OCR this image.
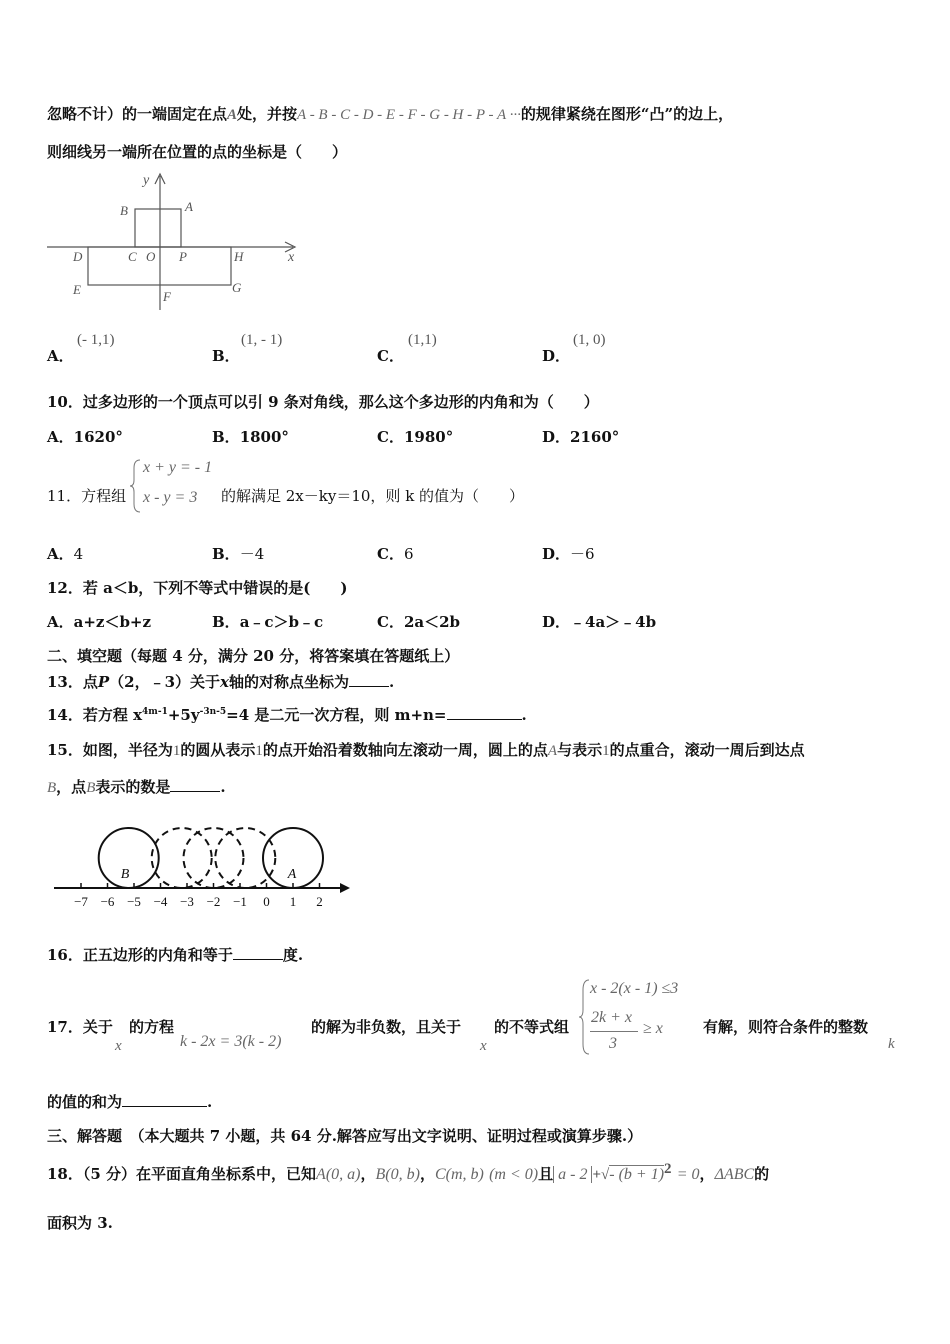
忽略不计）的一端固定在点A处，并按A - B - C - D - E - F - G - H - P - A ···的规律紧绕在图形“凸”的边上，
则细线另一端所在位置的点的坐标是（　　）
y
x
B	A
C O P
D	H
E	F
G
A．
(- 1,1)
B．
(1, - 1)
C．
(1,1)
D．
(1, 0)
10．过多边形的一个顶点可以引 9 条对角线，那么这个多边形的内角和为（　　）
A．1620°	B．1800°	C．1980°	D．2160°
11．方程组
x + y = - 1
x - y = 3 的解满足 2x－ky＝10，则 k 的值为（　　）
A．4	B．－4	C．6	D．－6
12．若 a＜b，下列不等式中错误的是(　　)
A．a+z＜b+z	B．a﹣c＞b﹣c	C．2a＜2b	D．﹣4a＞﹣4b
二、填空题（每题 4 分，满分 20 分，将答案填在答题纸上）
13．点P（2，﹣3）关于x轴的对称点坐标为	.
14．若方程 $x^{4m-1}+5y^{-3n-5}=4$ 是二元一次方程，则 m+n=	.
15．如图，半径为1的圆从表示1的点开始沿着数轴向左滚动一周，圆上的点A与表示1的点重合，滚动一周后到达点
B，点B表示的数是	.
−7 −6 −5 −4 −3 −2 −1 0 1 2
B	A
16．正五边形的内角和等于	度.
17．关于
x
的方程
k - 2x = 3(k - 2)
的解为非负数，且关于
x
的不等式组
x - 2(x - 1) ≤3
2k + x
3
≥ x	有解，则符合条件的整数
k
的值的和为	.
三、解答题　（本大题共 7 小题，共 64 分.解答应写出文字说明、证明过程或演算步骤.）
18．（5 分）在平面直角坐标系中，已知A(0, a)，B(0, b)，C(m, b) (m < 0)且 a - 2 +√- $(b + 1)^2 = 0$，ΔABC的
面积为 3.
